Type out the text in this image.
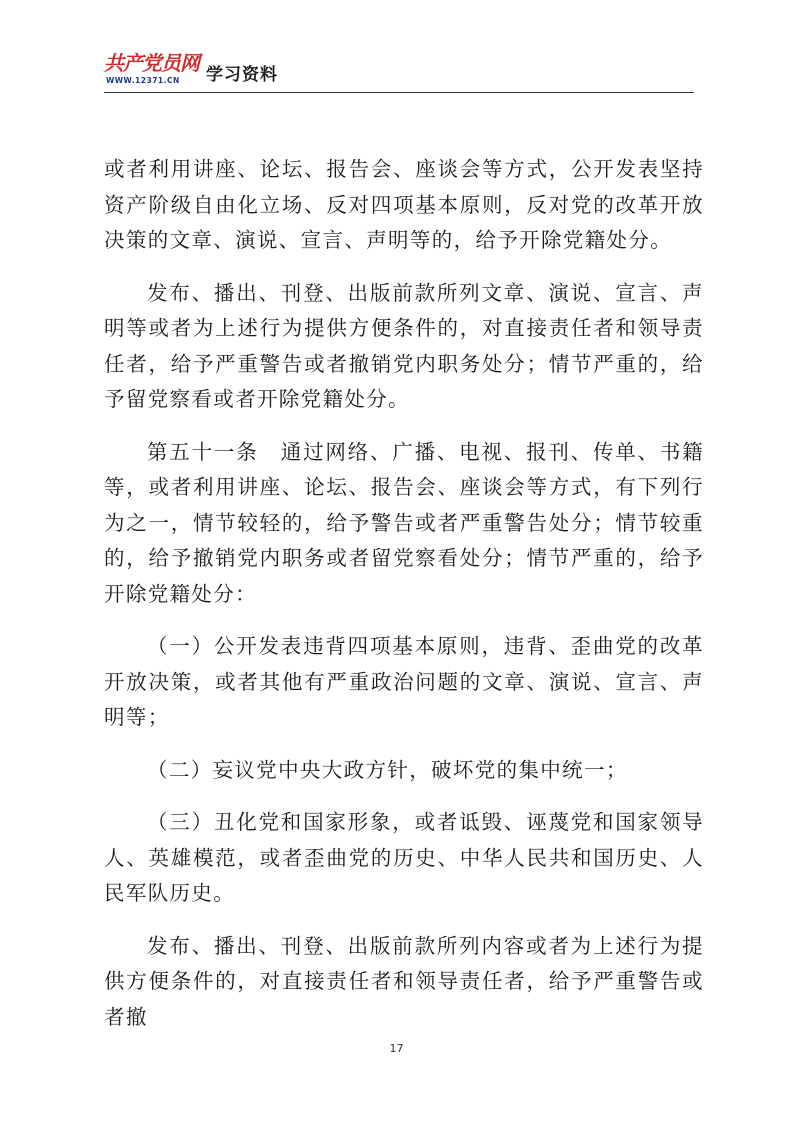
共产党员网
WWW.12371.CN 学习资料

或者利用讲座、论坛、报告会、座谈会等方式，公开发表坚持资产阶级自由化立场、反对四项基本原则，反对党的改革开放决策的文章、演说、宣言、声明等的，给予开除党籍处分。

发布、播出、刊登、出版前款所列文章、演说、宣言、声明等或者为上述行为提供方便条件的，对直接责任者和领导责任者，给予严重警告或者撤销党内职务处分；情节严重的，给予留党察看或者开除党籍处分。

第五十一条　通过网络、广播、电视、报刊、传单、书籍等，或者利用讲座、论坛、报告会、座谈会等方式，有下列行为之一，情节较轻的，给予警告或者严重警告处分；情节较重的，给予撤销党内职务或者留党察看处分；情节严重的，给予开除党籍处分：

（一）公开发表违背四项基本原则，违背、歪曲党的改革开放决策，或者其他有严重政治问题的文章、演说、宣言、声明等；

（二）妄议党中央大政方针，破坏党的集中统一；

（三）丑化党和国家形象，或者诋毁、诬蔑党和国家领导人、英雄模范，或者歪曲党的历史、中华人民共和国历史、人民军队历史。

发布、播出、刊登、出版前款所列内容或者为上述行为提供方便条件的，对直接责任者和领导责任者，给予严重警告或者撤

17
